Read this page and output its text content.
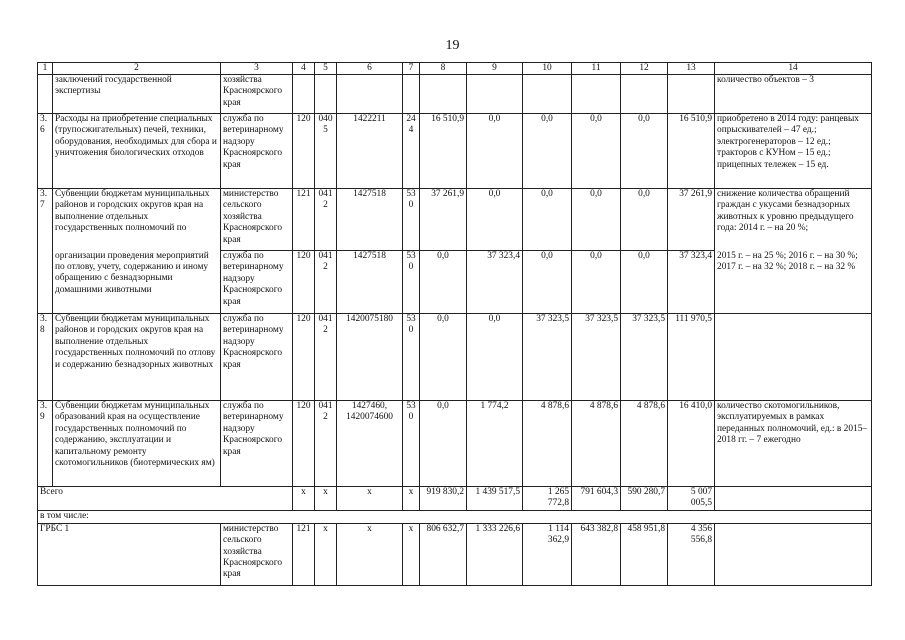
19
1	2	3	4	5	6	7	8	9	10	11	12	13	14
	заключений государственной экспертизы	хозяйства Красноярского края											количество объектов – 3
3.6	Расходы на приобретение специальных (трупосжигательных) печей, техники, оборудования, необходимых для сбора и уничтожения биологических отходов	служба по ветеринарному надзору Красноярского края	120	0405	1422211	244	16 510,9	0,0	0,0	0,0	0,0	16 510,9	приобретено в 2014 году: ранцевых опрыскивателей – 47 ед.; электрогенераторов – 12 ед.; тракторов с КУНом – 15 ед.; прицепных тележек – 15 ед.
3.7	Субвенции бюджетам муниципальных районов и городских округов края на выполнение отдельных государственных полномочий по	министерство сельского хозяйства Красноярского края	121	0412	1427518	530	37 261,9	0,0	0,0	0,0	0,0	37 261,9	снижение количества обращений граждан с укусами безнадзорных животных к уровню предыдущего года: 2014 г. – на 20 %;
	организации проведения мероприятий по отлову, учету, содержанию и иному обращению с безнадзорными домашними животными	служба по ветеринарному надзору Красноярского края	120	0412	1427518	530	0,0	37 323,4	0,0	0,0	0,0	37 323,4	2015 г. – на 25 %; 2016 г. – на 30 %; 2017 г. – на 32 %; 2018 г. – на 32 %
3.8	Субвенции бюджетам муниципальных районов и городских округов края на выполнение отдельных государственных полномочий по отлову и содержанию безнадзорных животных	служба по ветеринарному надзору Красноярского края	120	0412	1420075180	530	0,0	0,0	37 323,5	37 323,5	37 323,5	111 970,5	
3.9	Субвенции бюджетам муниципальных образований края на осуществление государственных полномочий по содержанию, эксплуатации и капитальному ремонту скотомогильников (биотермических ям)	служба по ветеринарному надзору Красноярского края	120	0412	1427460, 1420074600	530	0,0	1 774,2	4 878,6	4 878,6	4 878,6	16 410,0	количество скотомогильников, эксплуатируемых в рамках переданных полномочий, ед.: в 2015–2018 гг. – 7 ежегодно
Всего			х	х	х	х	919 830,2	1 439 517,5	1 265 772,8	791 604,3	590 280,7	5 007 005,5	
в том числе:													
ГРБС 1		министерство сельского хозяйства Красноярского края	121	х	х	х	806 632,7	1 333 226,6	1 114 362,9	643 382,8	458 951,8	4 356 556,8	
